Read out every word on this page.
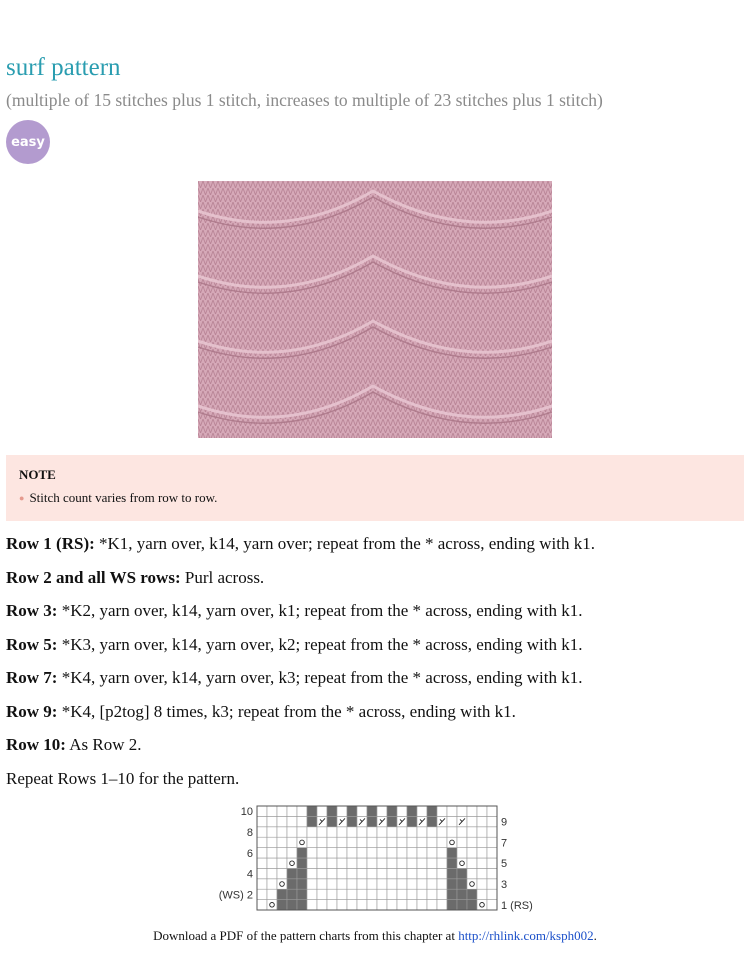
surf pattern

(multiple of 15 stitches plus 1 stitch, increases to multiple of 23 stitches plus 1 stitch)

easy

NOTE

● Stitch count varies from row to row.
Row 1 (RS): *K1, yarn over, k14, yarn over; repeat from the * across, ending with k1.
Row 2 and all WS rows: Purl across.
Row 3: *K2, yarn over, k14, yarn over, k1; repeat from the * across, ending with k1.
Row 5: *K3, yarn over, k14, yarn over, k2; repeat from the * across, ending with k1.
Row 7: *K4, yarn over, k14, yarn over, k3; repeat from the * across, ending with k1.
Row 9: *K4, [p2tog] 8 times, k3; repeat from the * across, ending with k1.
Row 10: As Row 2.
Repeat Rows 1–10 for the pattern.
10
8
6
4
(WS) 2
9
7
5
3
1 (RS)
Download a PDF of the pattern charts from this chapter at http://rhlink.com/ksph002.
